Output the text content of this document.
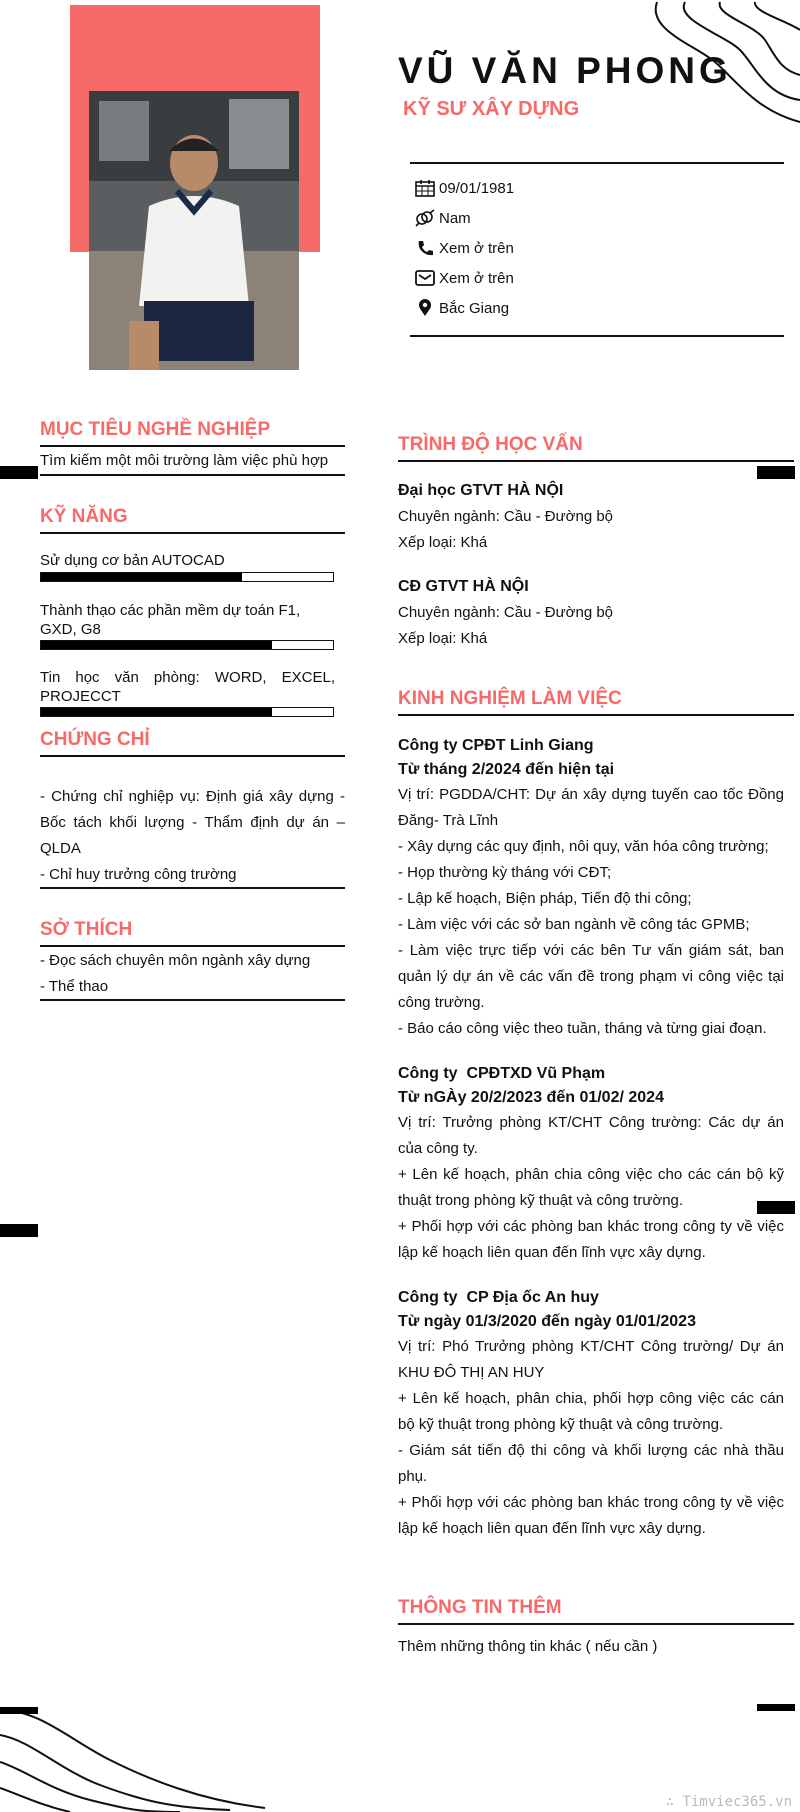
VŨ VĂN PHONG
KỸ SƯ XÂY DỰNG
09/01/1981
Nam
Xem ở trên
Xem ở trên
Bắc Giang
MỤC TIÊU NGHỀ NGHIỆP
Tìm kiếm một môi trường làm việc phù hợp
KỸ NĂNG
Sử dụng cơ bản AUTOCAD
Thành thạo các phần mềm dự toán F1, GXD, G8
Tin học văn phòng: WORD, EXCEL, PROJECCT
CHỨNG CHỈ
- Chứng chỉ nghiệp vụ: Định giá xây dựng - Bốc tách khối lượng - Thẩm định dự án – QLDA
- Chỉ huy trưởng công trường
SỞ THÍCH
- Đọc sách chuyên môn ngành xây dựng
- Thể thao
TRÌNH ĐỘ HỌC VẤN
Đại học GTVT HÀ NỘI
Chuyên ngành: Cầu - Đường bộ
Xếp loại: Khá
CĐ GTVT HÀ NỘI
Chuyên ngành: Cầu - Đường bộ
Xếp loại: Khá
KINH NGHIỆM LÀM VIỆC
Công ty CPĐT Linh Giang
Từ tháng 2/2024 đến hiện tại
Vị trí: PGDDA/CHT: Dự án xây dựng tuyến cao tốc Đồng Đăng- Trà Lĩnh
- Xây dựng các quy định, nôi quy, văn hóa công trường;
- Họp thường kỳ tháng với CĐT;
- Lập kế hoạch, Biện pháp, Tiến độ thi công;
- Làm việc với các sở ban ngành về công tác GPMB;
- Làm việc trực tiếp với các bên Tư vấn giám sát, ban quản lý dự án về các vấn đề trong phạm vi công việc tại công trường.
- Báo cáo công việc theo tuần, tháng và từng giai đoạn.
Công ty  CPĐTXD Vũ Phạm
Từ nGÀy 20/2/2023 đến 01/02/ 2024
Vị trí: Trưởng phòng KT/CHT Công trường: Các dự án của công ty.
+ Lên kế hoạch, phân chia công việc cho các cán bộ kỹ thuật trong phòng kỹ thuật và công trường.
+ Phối hợp với các phòng ban khác trong công ty về việc lập kế hoạch liên quan đến lĩnh vực xây dựng.
Công ty  CP Địa ốc An huy
Từ ngày 01/3/2020 đến ngày 01/01/2023
Vị trí: Phó Trưởng phòng KT/CHT Công trường/ Dự án KHU ĐÔ THỊ AN HUY
+ Lên kế hoạch, phân chia, phối hợp công việc các cán bộ kỹ thuật trong phòng kỹ thuật và công trường.
- Giám sát tiến độ thi công và khối lượng các nhà thầu phụ.
+ Phối hợp với các phòng ban khác trong công ty về việc lập kế hoạch liên quan đến lĩnh vực xây dựng.
THÔNG TIN THÊM
Thêm những thông tin khác ( nếu cần )
∴ Timviec365.vn
